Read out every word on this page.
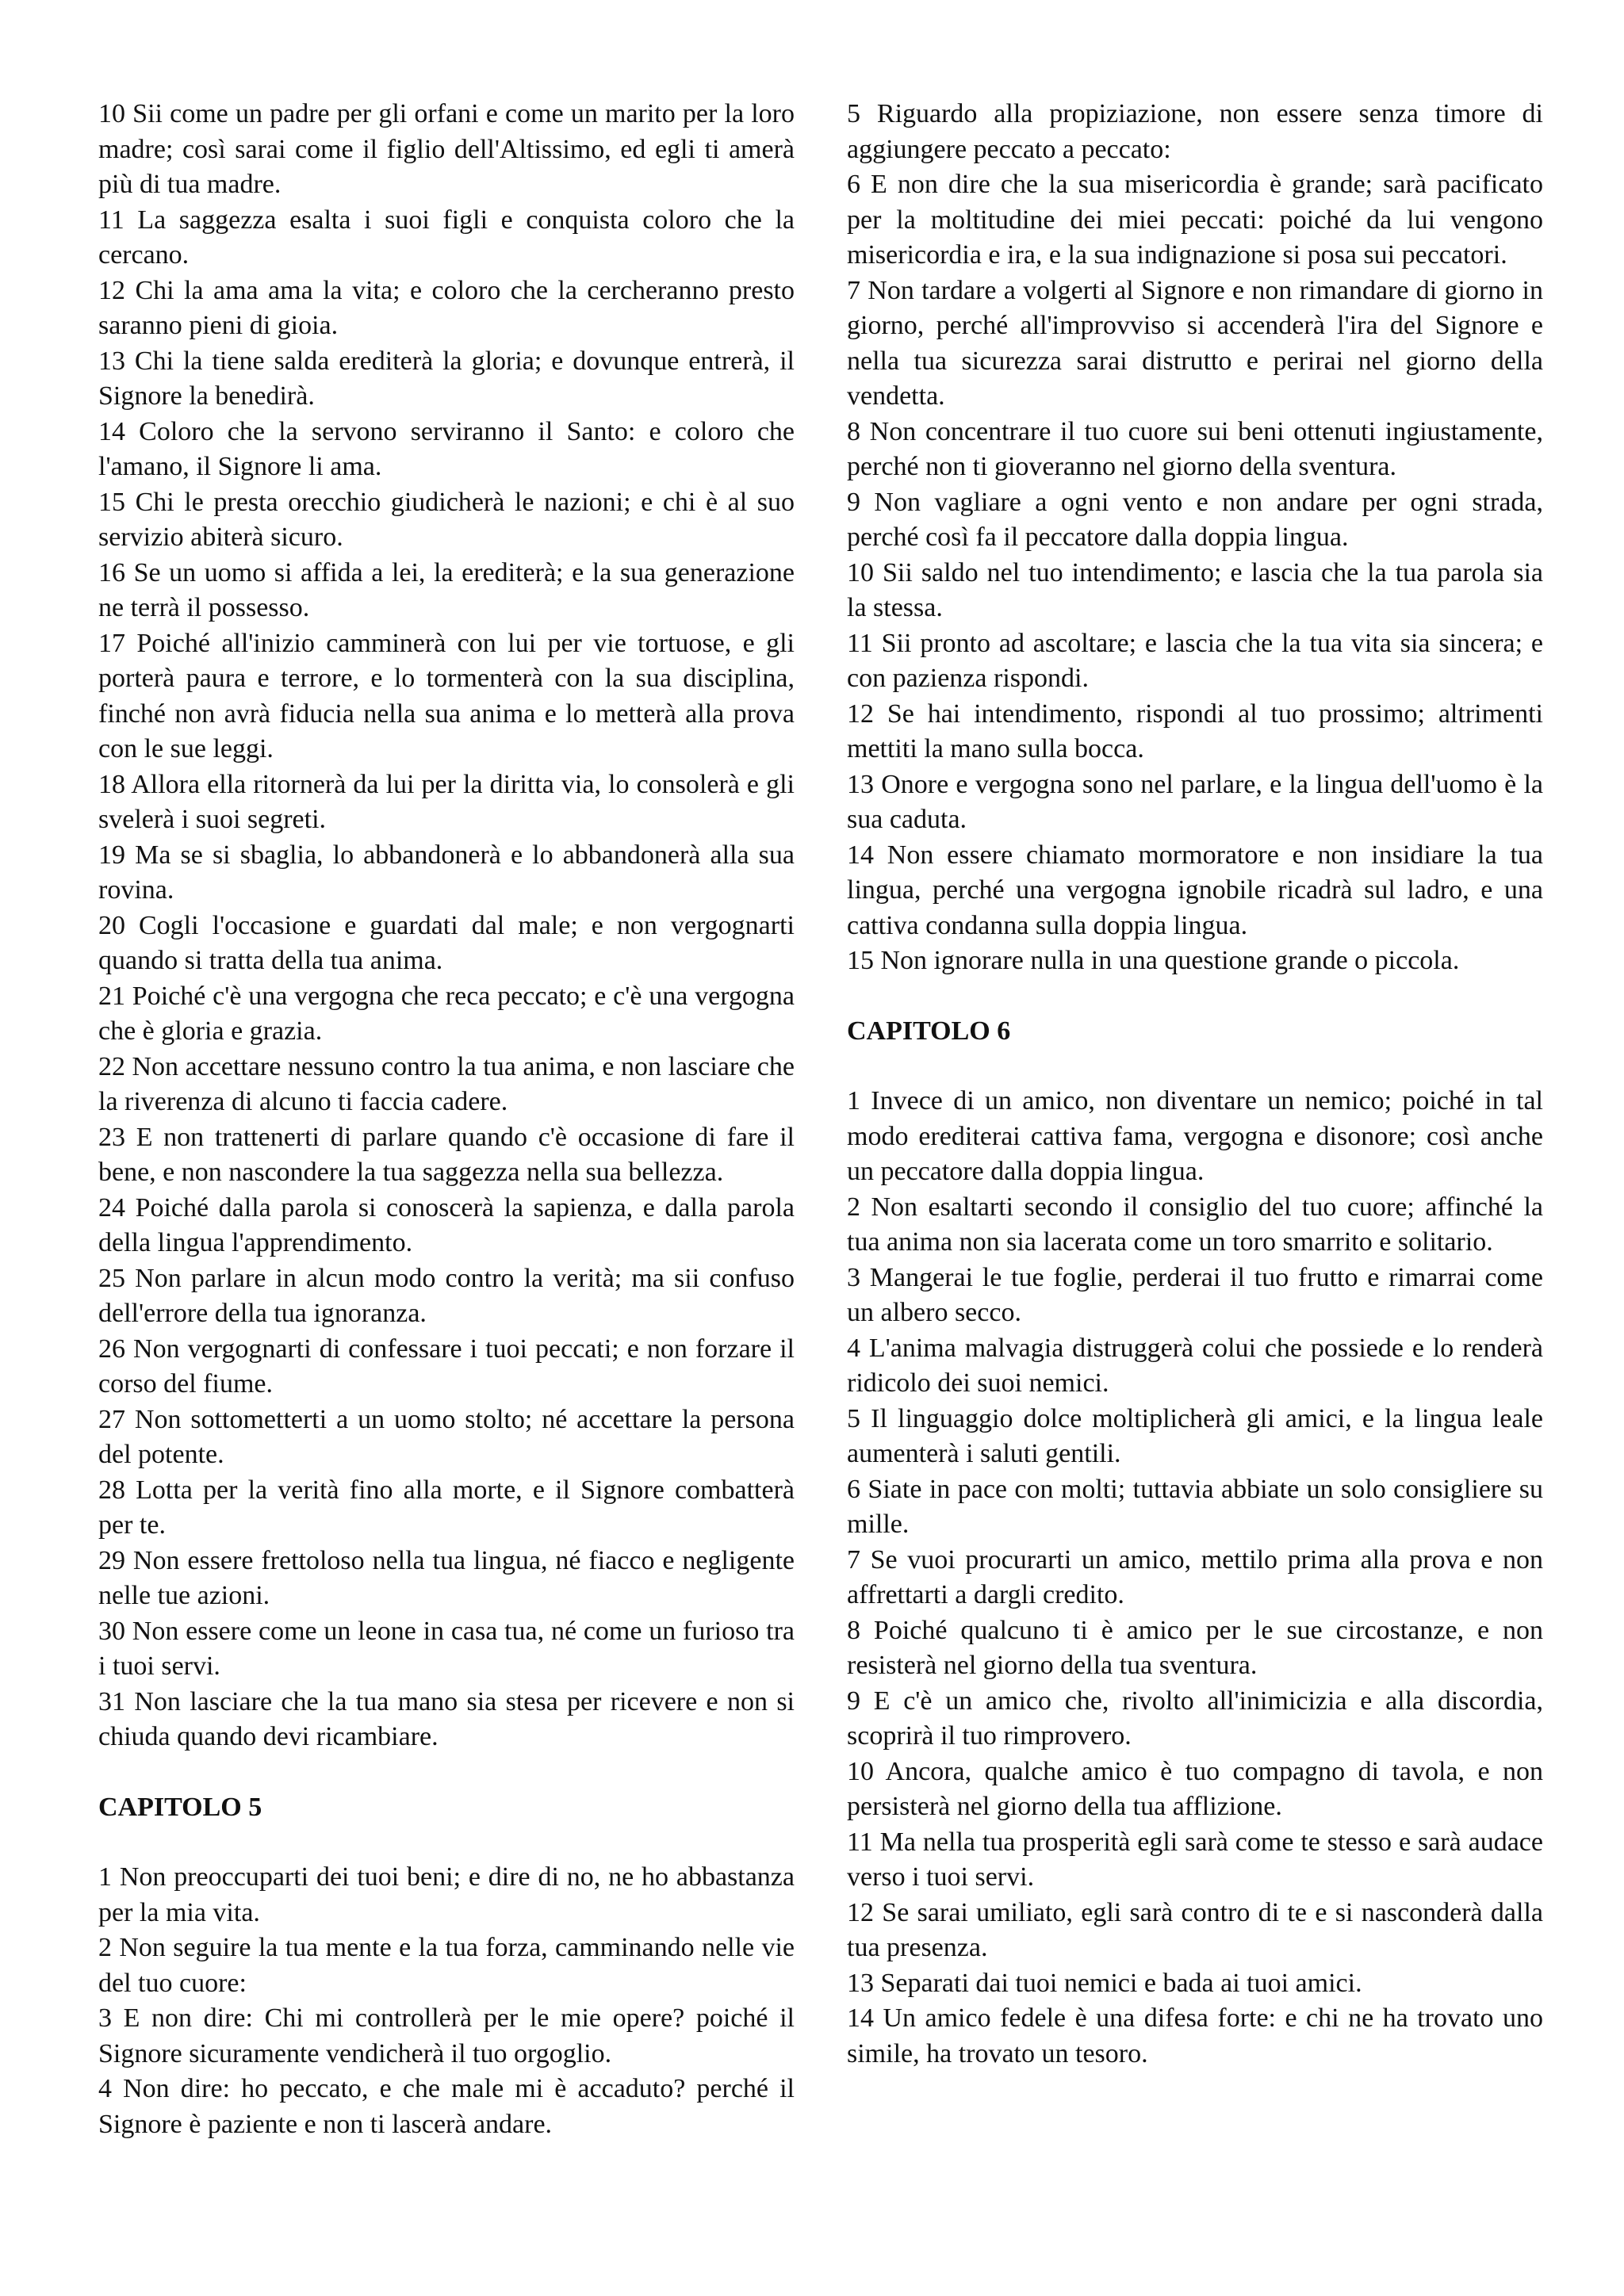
10 Sii come un padre per gli orfani e come un marito per la loro madre; così sarai come il figlio dell'Altissimo, ed egli ti amerà più di tua madre.

11 La saggezza esalta i suoi figli e conquista coloro che la cercano.

12 Chi la ama ama la vita; e coloro che la cercheranno presto saranno pieni di gioia.

13 Chi la tiene salda erediterà la gloria; e dovunque entrerà, il Signore la benedirà.

14 Coloro che la servono serviranno il Santo: e coloro che l'amano, il Signore li ama.

15 Chi le presta orecchio giudicherà le nazioni; e chi è al suo servizio abiterà sicuro.

16 Se un uomo si affida a lei, la erediterà; e la sua generazione ne terrà il possesso.

17 Poiché all'inizio camminerà con lui per vie tortuose, e gli porterà paura e terrore, e lo tormenterà con la sua disciplina, finché non avrà fiducia nella sua anima e lo metterà alla prova con le sue leggi.

18 Allora ella ritornerà da lui per la diritta via, lo consolerà e gli svelerà i suoi segreti.

19 Ma se si sbaglia, lo abbandonerà e lo abbandonerà alla sua rovina.

20 Cogli l'occasione e guardati dal male; e non vergognarti quando si tratta della tua anima.

21 Poiché c'è una vergogna che reca peccato; e c'è una vergogna che è gloria e grazia.

22 Non accettare nessuno contro la tua anima, e non lasciare che la riverenza di alcuno ti faccia cadere.

23 E non trattenerti di parlare quando c'è occasione di fare il bene, e non nascondere la tua saggezza nella sua bellezza.

24 Poiché dalla parola si conoscerà la sapienza, e dalla parola della lingua l'apprendimento.

25 Non parlare in alcun modo contro la verità; ma sii confuso dell'errore della tua ignoranza.

26 Non vergognarti di confessare i tuoi peccati; e non forzare il corso del fiume.

27 Non sottometterti a un uomo stolto; né accettare la persona del potente.

28 Lotta per la verità fino alla morte, e il Signore combatterà per te.

29 Non essere frettoloso nella tua lingua, né fiacco e negligente nelle tue azioni.

30 Non essere come un leone in casa tua, né come un furioso tra i tuoi servi.

31 Non lasciare che la tua mano sia stesa per ricevere e non si chiuda quando devi ricambiare.

CAPITOLO 5

1 Non preoccuparti dei tuoi beni; e dire di no, ne ho abbastanza per la mia vita.

2 Non seguire la tua mente e la tua forza, camminando nelle vie del tuo cuore:

3 E non dire: Chi mi controllerà per le mie opere? poiché il Signore sicuramente vendicherà il tuo orgoglio.

4 Non dire: ho peccato, e che male mi è accaduto? perché il Signore è paziente e non ti lascerà andare.

5 Riguardo alla propiziazione, non essere senza timore di aggiungere peccato a peccato:

6 E non dire che la sua misericordia è grande; sarà pacificato per la moltitudine dei miei peccati: poiché da lui vengono misericordia e ira, e la sua indignazione si posa sui peccatori.

7 Non tardare a volgerti al Signore e non rimandare di giorno in giorno, perché all'improvviso si accenderà l'ira del Signore e nella tua sicurezza sarai distrutto e perirai nel giorno della vendetta.

8 Non concentrare il tuo cuore sui beni ottenuti ingiustamente, perché non ti gioveranno nel giorno della sventura.

9 Non vagliare a ogni vento e non andare per ogni strada, perché così fa il peccatore dalla doppia lingua.

10 Sii saldo nel tuo intendimento; e lascia che la tua parola sia la stessa.

11 Sii pronto ad ascoltare; e lascia che la tua vita sia sincera; e con pazienza rispondi.

12 Se hai intendimento, rispondi al tuo prossimo; altrimenti mettiti la mano sulla bocca.

13 Onore e vergogna sono nel parlare, e la lingua dell'uomo è la sua caduta.

14 Non essere chiamato mormoratore e non insidiare la tua lingua, perché una vergogna ignobile ricadrà sul ladro, e una cattiva condanna sulla doppia lingua.

15 Non ignorare nulla in una questione grande o piccola.

CAPITOLO 6

1 Invece di un amico, non diventare un nemico; poiché in tal modo erediterai cattiva fama, vergogna e disonore; così anche un peccatore dalla doppia lingua.

2 Non esaltarti secondo il consiglio del tuo cuore; affinché la tua anima non sia lacerata come un toro smarrito e solitario.

3 Mangerai le tue foglie, perderai il tuo frutto e rimarrai come un albero secco.

4 L'anima malvagia distruggerà colui che possiede e lo renderà ridicolo dei suoi nemici.

5 Il linguaggio dolce moltiplicherà gli amici, e la lingua leale aumenterà i saluti gentili.

6 Siate in pace con molti; tuttavia abbiate un solo consigliere su mille.

7 Se vuoi procurarti un amico, mettilo prima alla prova e non affrettarti a dargli credito.

8 Poiché qualcuno ti è amico per le sue circostanze, e non resisterà nel giorno della tua sventura.

9 E c'è un amico che, rivolto all'inimicizia e alla discordia, scoprirà il tuo rimprovero.

10 Ancora, qualche amico è tuo compagno di tavola, e non persisterà nel giorno della tua afflizione.

11 Ma nella tua prosperità egli sarà come te stesso e sarà audace verso i tuoi servi.

12 Se sarai umiliato, egli sarà contro di te e si nasconderà dalla tua presenza.

13 Separati dai tuoi nemici e bada ai tuoi amici.

14 Un amico fedele è una difesa forte: e chi ne ha trovato uno simile, ha trovato un tesoro.
